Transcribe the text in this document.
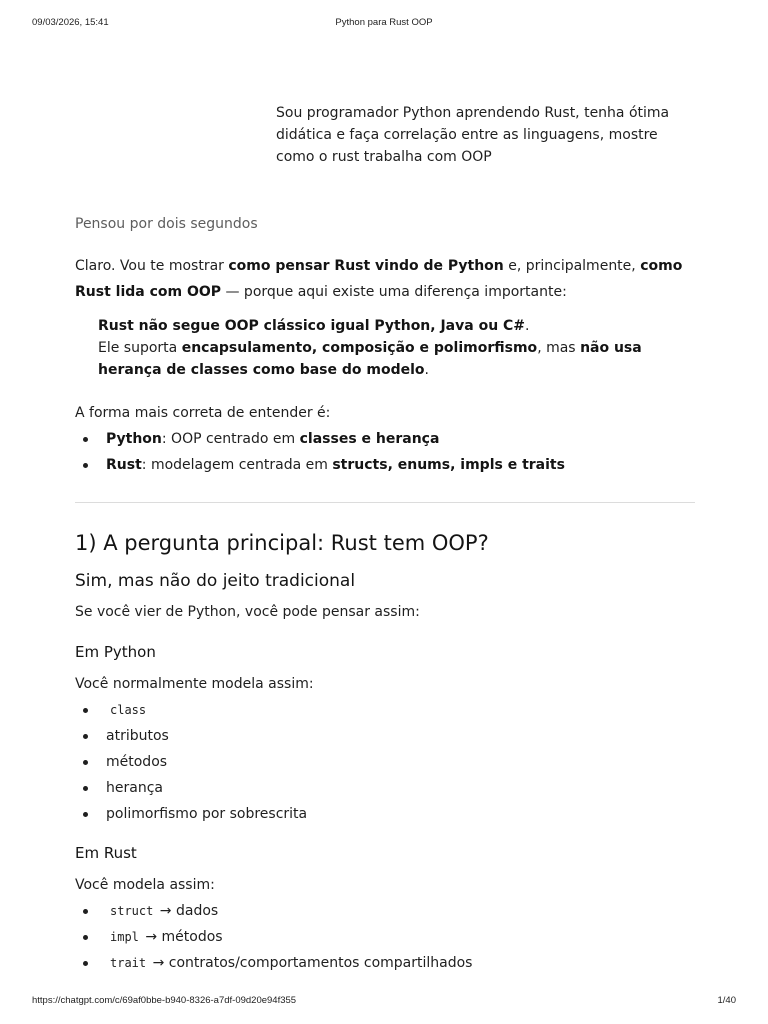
09/03/2026, 15:41	Python para Rust OOP
Sou programador Python aprendendo Rust, tenha ótima didática e faça correlação entre as linguagens, mostre como o rust trabalha com OOP

Pensou por dois segundos

Claro. Vou te mostrar como pensar Rust vindo de Python e, principalmente, como Rust lida com OOP — porque aqui existe uma diferença importante:

Rust não segue OOP clássico igual Python, Java ou C#.
Ele suporta encapsulamento, composição e polimorfismo, mas não usa herança de classes como base do modelo.

A forma mais correta de entender é:

Python: OOP centrado em classes e herança
Rust: modelagem centrada em structs, enums, impls e traits
1) A pergunta principal: Rust tem OOP?
Sim, mas não do jeito tradicional

Se você vier de Python, você pode pensar assim:

Em Python

Você normalmente modela assim:

class
atributos
métodos
herança
polimorfismo por sobrescrita
Em Rust

Você modela assim:

struct → dados
impl → métodos
trait → contratos/comportamentos compartilhados
https://chatgpt.com/c/69af0bbe-b940-8326-a7df-09d20e94f355	1/40
